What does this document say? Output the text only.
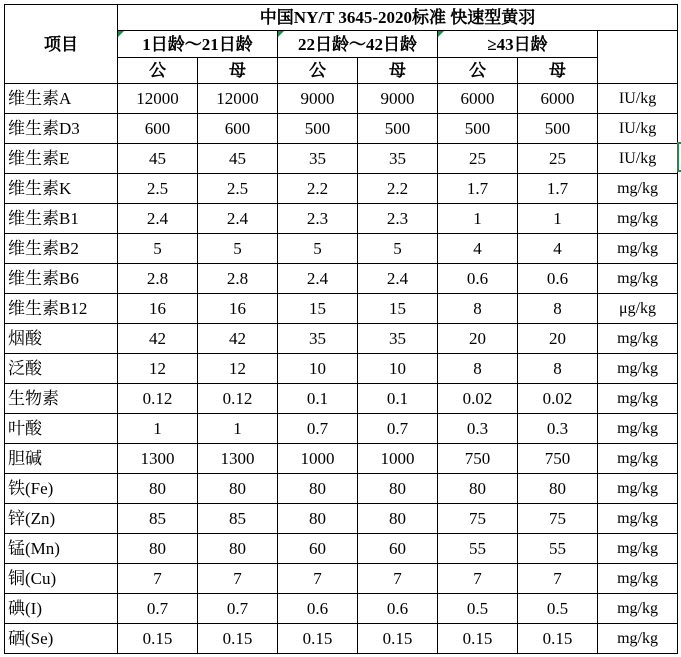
项目	中国NY/T 3645-2020标准 快速型黄羽						

1日龄～21日龄		22日龄～42日龄		≥43日龄		
	公	母	公	母	公	母	
维生素A	12000	12000	9000	9000	6000	6000	IU/kg
维生素D3	600	600	500	500	500	500	IU/kg
维生素E	45	45	35	35	25	25	IU/kg
维生素K	2.5	2.5	2.2	2.2	1.7	1.7	mg/kg
维生素B1	2.4	2.4	2.3	2.3	1	1	mg/kg
维生素B2	5	5	5	5	4	4	mg/kg
维生素B6	2.8	2.8	2.4	2.4	0.6	0.6	mg/kg
维生素B12	16	16	15	15	8	8	μg/kg
烟酸	42	42	35	35	20	20	mg/kg
泛酸	12	12	10	10	8	8	mg/kg
生物素	0.12	0.12	0.1	0.1	0.02	0.02	mg/kg
叶酸	1	1	0.7	0.7	0.3	0.3	mg/kg
胆碱	1300	1300	1000	1000	750	750	mg/kg
铁(Fe)	80	80	80	80	80	80	mg/kg
锌(Zn)	85	85	80	80	75	75	mg/kg
锰(Mn)	80	80	60	60	55	55	mg/kg
铜(Cu)	7	7	7	7	7	7	mg/kg
碘(I)	0.7	0.7	0.6	0.6	0.5	0.5	mg/kg
硒(Se)	0.15	0.15	0.15	0.15	0.15	0.15	mg/kg
